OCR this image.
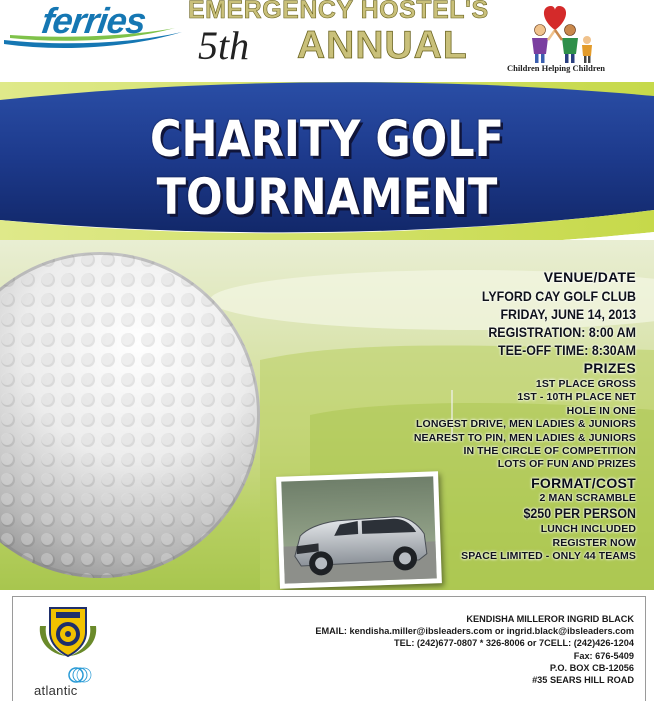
ferries EMERGENCY HOSTEL'S
5th ANNUAL
Children Helping Children
CHARITY GOLF TOURNAMENT
VENUE/DATE
LYFORD CAY GOLF CLUB
FRIDAY, JUNE 14, 2013
REGISTRATION: 8:00 AM
TEE-OFF TIME: 8:30AM
PRIZES
1ST PLACE GROSS
1ST - 10TH PLACE NET
HOLE IN ONE
LONGEST DRIVE, MEN LADIES & JUNIORS
NEAREST TO PIN, MEN LADIES & JUNIORS
IN THE CIRCLE OF COMPETITION
LOTS OF FUN AND PRIZES
FORMAT/COST
2 MAN SCRAMBLE
$250 PER PERSON
LUNCH INCLUDED
REGISTER NOW
SPACE LIMITED - ONLY 44 TEAMS
atlantic
KENDISHA MILLEROR INGRID BLACK
EMAIL: kendisha.miller@ibsleaders.com or ingrid.black@ibsleaders.com
TEL: (242)677-0807 * 326-8006 or 7CELL: (242)426-1204
Fax: 676-5409
P.O. BOX CB-12056
#35 SEARS HILL ROAD
